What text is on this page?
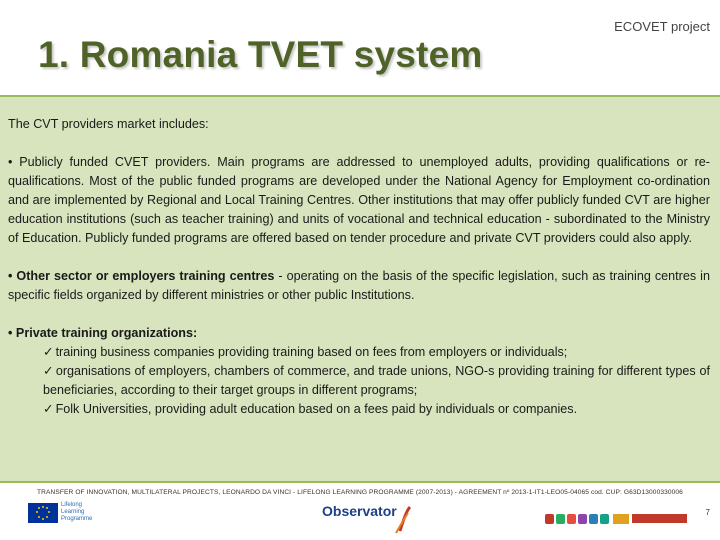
1. Romania TVET system
ECOVET project

The CVT providers market includes:

• Publicly funded CVET providers. Main programs are addressed to unemployed adults, providing qualifications or re-qualifications. Most of the public funded programs are developed under the National Agency for Employment co-ordination and are implemented by Regional and Local Training Centres. Other institutions that may offer publicly funded CVT are higher education institutions (such as teacher training) and units of vocational and technical education - subordinated to the Ministry of Education. Publicly funded programs are offered based on tender procedure and private CVT providers could also apply.

• Other sector or employers training centres - operating on the basis of the specific legislation, such as training centres in specific fields organized by different ministries or other public Institutions.

• Private training organizations:
✓ training business companies providing training based on fees from employers or individuals;
✓ organisations of employers, chambers of commerce, and trade unions, NGO-s providing training for different types of beneficiaries, according to their target groups in different programs;
✓ Folk Universities, providing adult education based on a fees paid by individuals or companies.
TRANSFER OF INNOVATION, MULTILATERAL PROJECTS, LEONARDO DA VINCI - LIFELONG LEARNING PROGRAMME (2007-2013) - AGREEMENT nº 2013-1-IT1-LEO05-04065 cod. CUP: G63D13000330006
Lifelong
Learning
Programme	Observator	7
